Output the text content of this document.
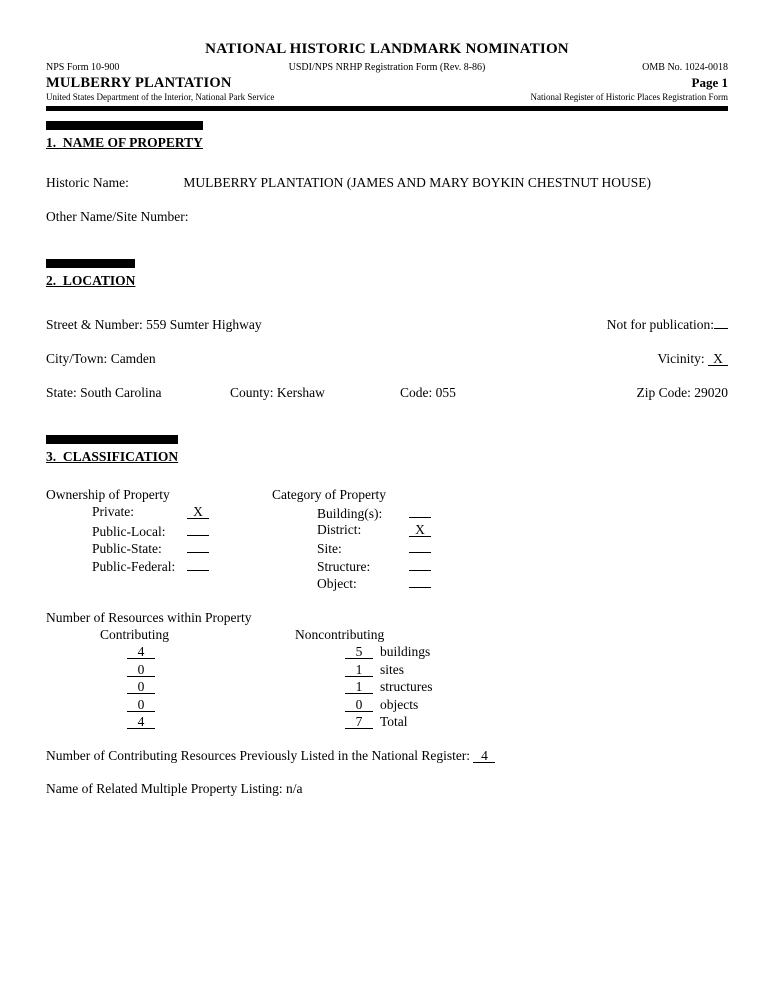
NATIONAL HISTORIC LANDMARK NOMINATION
NPS Form 10-900	USDI/NPS NRHP Registration Form (Rev. 8-86)	OMB No. 1024-0018
MULBERRY PLANTATION	Page 1
United States Department of the Interior, National Park Service	National Register of Historic Places Registration Form
1.  NAME OF PROPERTY
Historic Name:	MULBERRY PLANTATION (JAMES AND MARY BOYKIN CHESTNUT HOUSE)
Other Name/Site Number:
2.  LOCATION
Street & Number: 559 Sumter Highway	Not for publication:
City/Town: Camden	Vicinity: X
State: South Carolina	County: Kershaw	Code: 055	Zip Code: 29020
3.  CLASSIFICATION
Ownership of Property
Private:	X
Public-Local:
Public-State:
Public-Federal:
Category of Property
Building(s):
District:	X
Site:
Structure:
Object:
Number of Resources within Property
Contributing	Noncontributing
4	5	buildings
0	1	sites
0	1	structures
0	0	objects
4	7	Total
Number of Contributing Resources Previously Listed in the National Register: 4
Name of Related Multiple Property Listing: n/a
